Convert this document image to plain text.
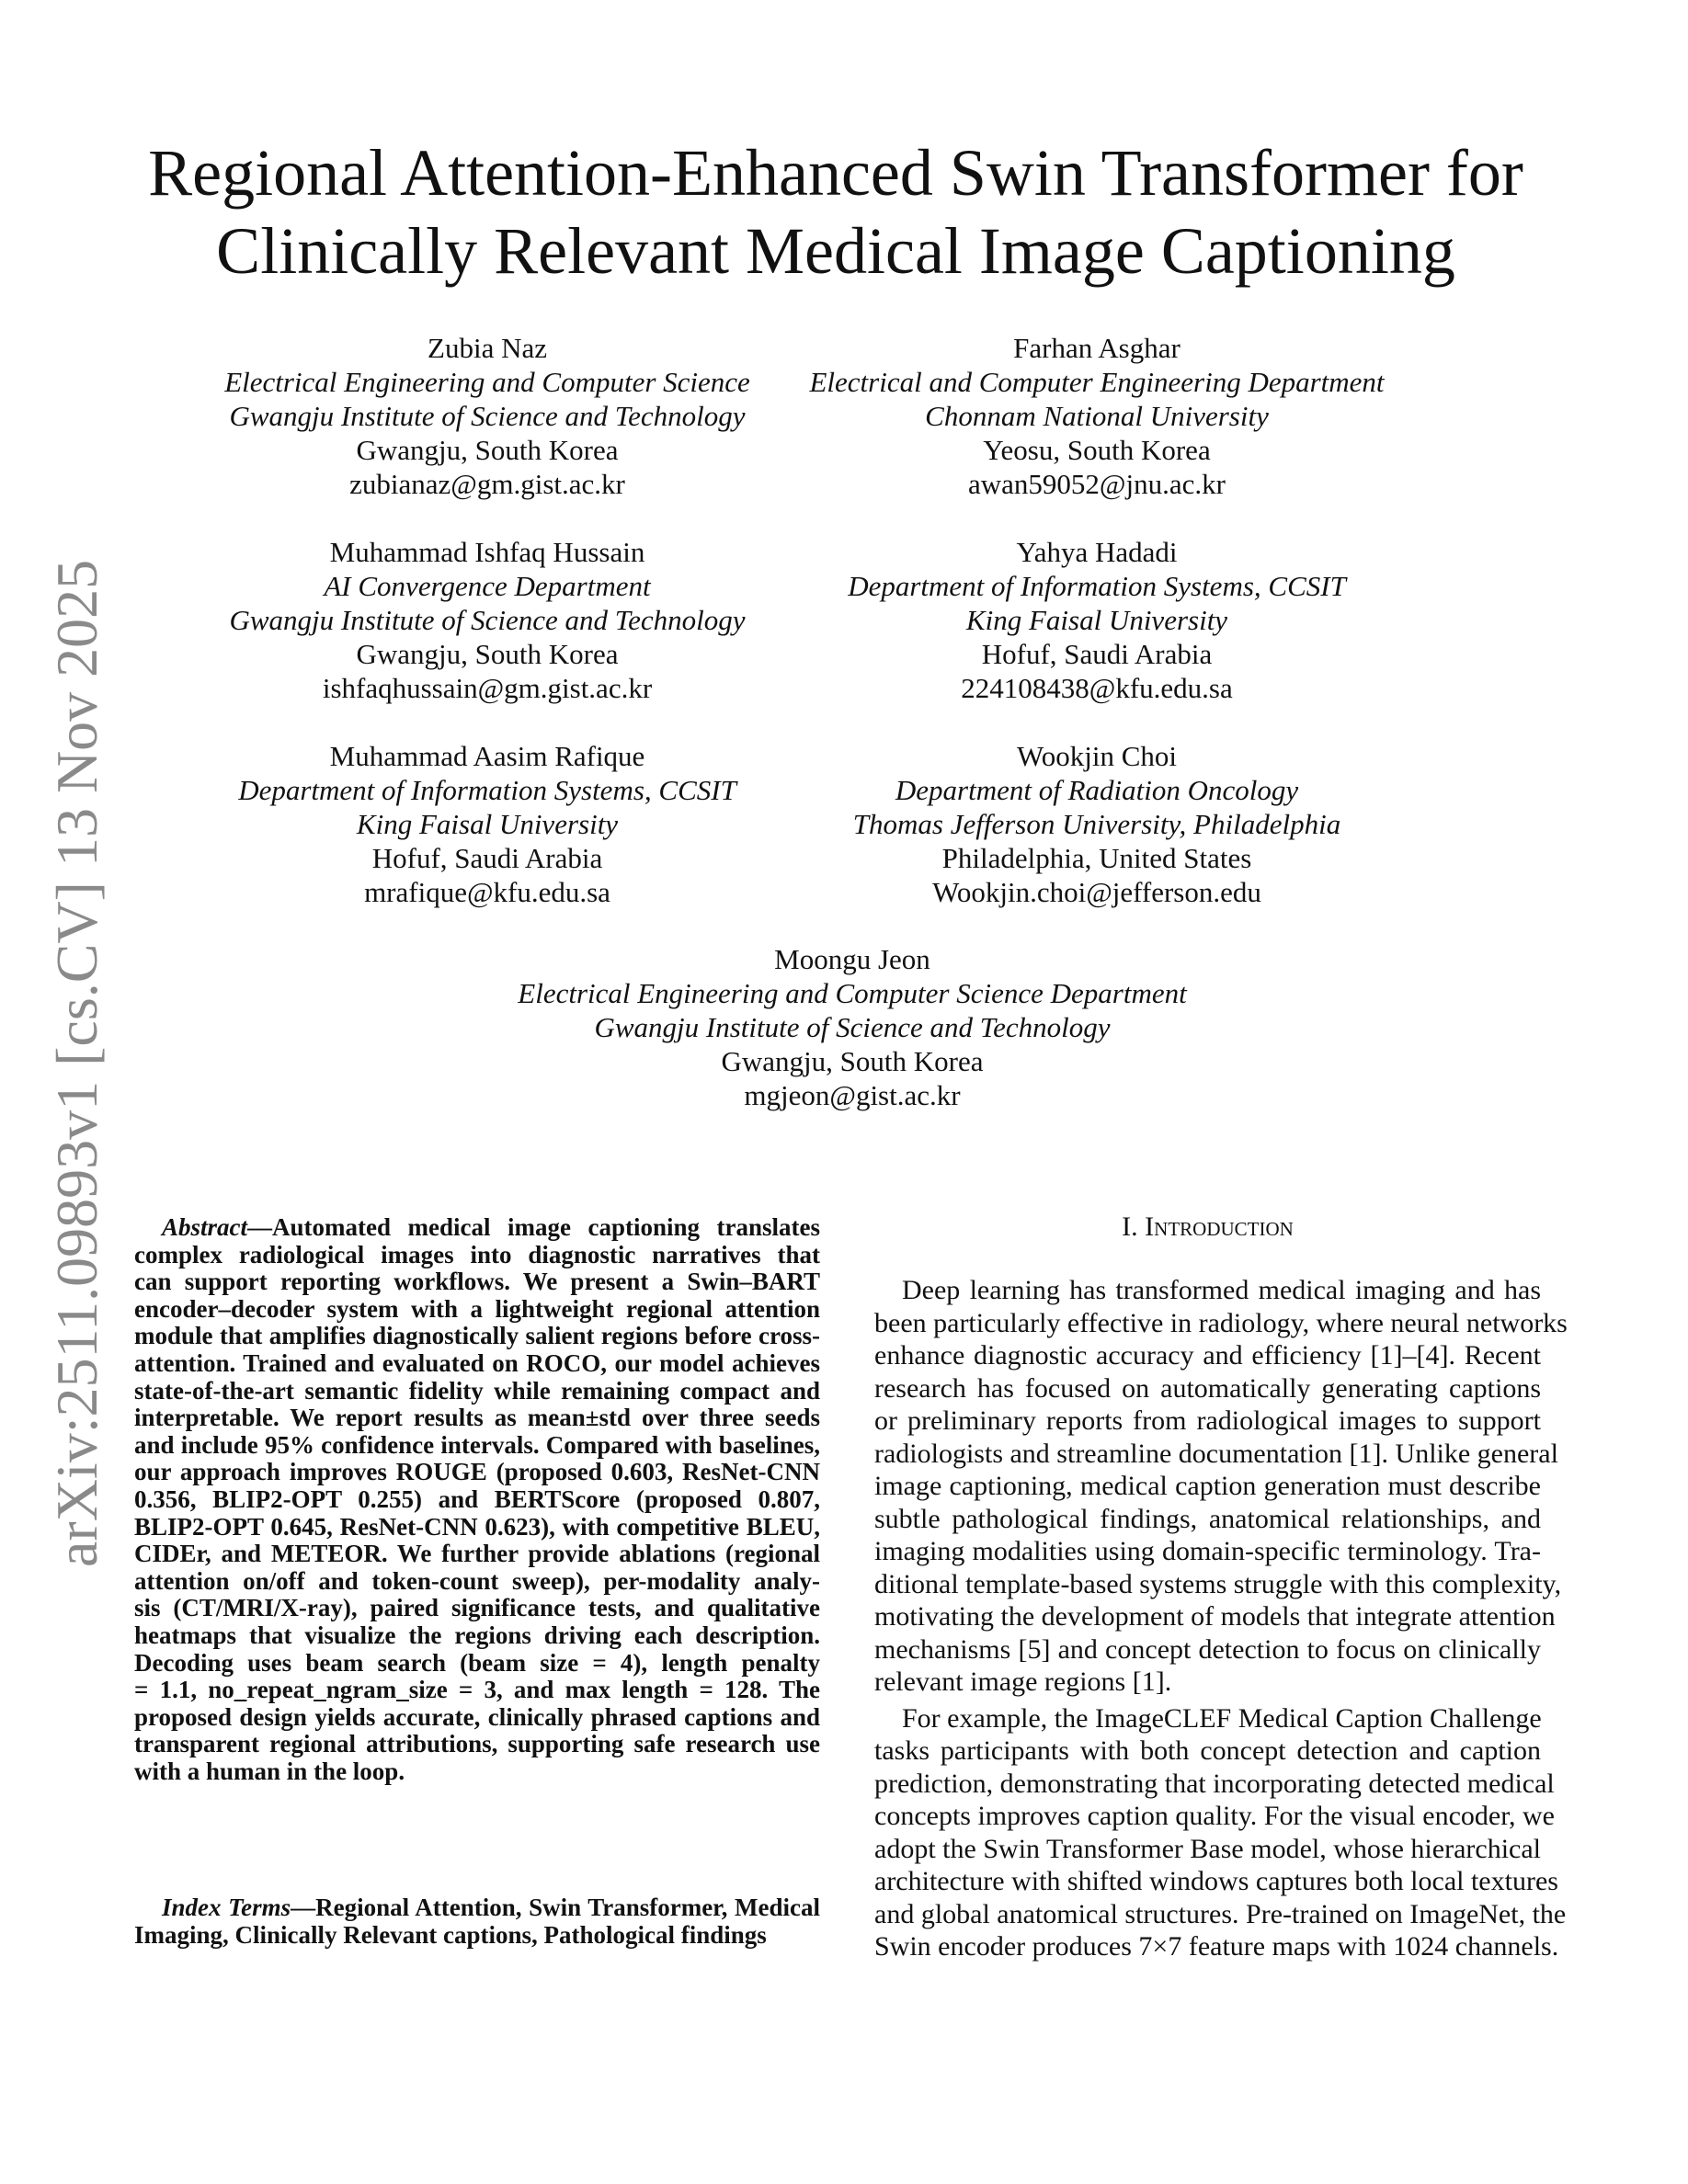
Regional Attention-Enhanced Swin Transformer for
Clinically Relevant Medical Image Captioning
arXiv:2511.09893v1 [cs.CV] 13 Nov 2025
Zubia Naz
Electrical Engineering and Computer Science
Gwangju Institute of Science and Technology
Gwangju, South Korea
zubianaz@gm.gist.ac.kr
Farhan Asghar
Electrical and Computer Engineering Department
Chonnam National University
Yeosu, South Korea
awan59052@jnu.ac.kr
Muhammad Ishfaq Hussain
AI Convergence Department
Gwangju Institute of Science and Technology
Gwangju, South Korea
ishfaqhussain@gm.gist.ac.kr
Yahya Hadadi
Department of Information Systems, CCSIT
King Faisal University
Hofuf, Saudi Arabia
224108438@kfu.edu.sa
Muhammad Aasim Rafique
Department of Information Systems, CCSIT
King Faisal University
Hofuf, Saudi Arabia
mrafique@kfu.edu.sa
Wookjin Choi
Department of Radiation Oncology
Thomas Jefferson University, Philadelphia
Philadelphia, United States
Wookjin.choi@jefferson.edu
Moongu Jeon
Electrical Engineering and Computer Science Department
Gwangju Institute of Science and Technology
Gwangju, South Korea
mgjeon@gist.ac.kr
Abstract—Automated medical image captioning translates
complex radiological images into diagnostic narratives that
can support reporting workflows. We present a Swin–BART
encoder–decoder system with a lightweight regional attention
module that amplifies diagnostically salient regions before cross-
attention. Trained and evaluated on ROCO, our model achieves
state-of-the-art semantic fidelity while remaining compact and
interpretable. We report results as mean±std over three seeds
and include 95% confidence intervals. Compared with baselines,
our approach improves ROUGE (proposed 0.603, ResNet-CNN
0.356, BLIP2-OPT 0.255) and BERTScore (proposed 0.807,
BLIP2-OPT 0.645, ResNet-CNN 0.623), with competitive BLEU,
CIDEr, and METEOR. We further provide ablations (regional
attention on/off and token-count sweep), per-modality analy-
sis (CT/MRI/X-ray), paired significance tests, and qualitative
heatmaps that visualize the regions driving each description.
Decoding uses beam search (beam size = 4), length penalty
= 1.1, no_repeat_ngram_size = 3, and max length = 128. The
proposed design yields accurate, clinically phrased captions and
transparent regional attributions, supporting safe research use
with a human in the loop.
Index Terms—Regional Attention, Swin Transformer, Medical
Imaging, Clinically Relevant captions, Pathological findings
I. Introduction
Deep learning has transformed medical imaging and has
been particularly effective in radiology, where neural networks
enhance diagnostic accuracy and efficiency [1]–[4]. Recent
research has focused on automatically generating captions
or preliminary reports from radiological images to support
radiologists and streamline documentation [1]. Unlike general
image captioning, medical caption generation must describe
subtle pathological findings, anatomical relationships, and
imaging modalities using domain-specific terminology. Tra-
ditional template-based systems struggle with this complexity,
motivating the development of models that integrate attention
mechanisms [5] and concept detection to focus on clinically
relevant image regions [1].
For example, the ImageCLEF Medical Caption Challenge
tasks participants with both concept detection and caption
prediction, demonstrating that incorporating detected medical
concepts improves caption quality. For the visual encoder, we
adopt the Swin Transformer Base model, whose hierarchical
architecture with shifted windows captures both local textures
and global anatomical structures. Pre-trained on ImageNet, the
Swin encoder produces 7×7 feature maps with 1024 channels.
